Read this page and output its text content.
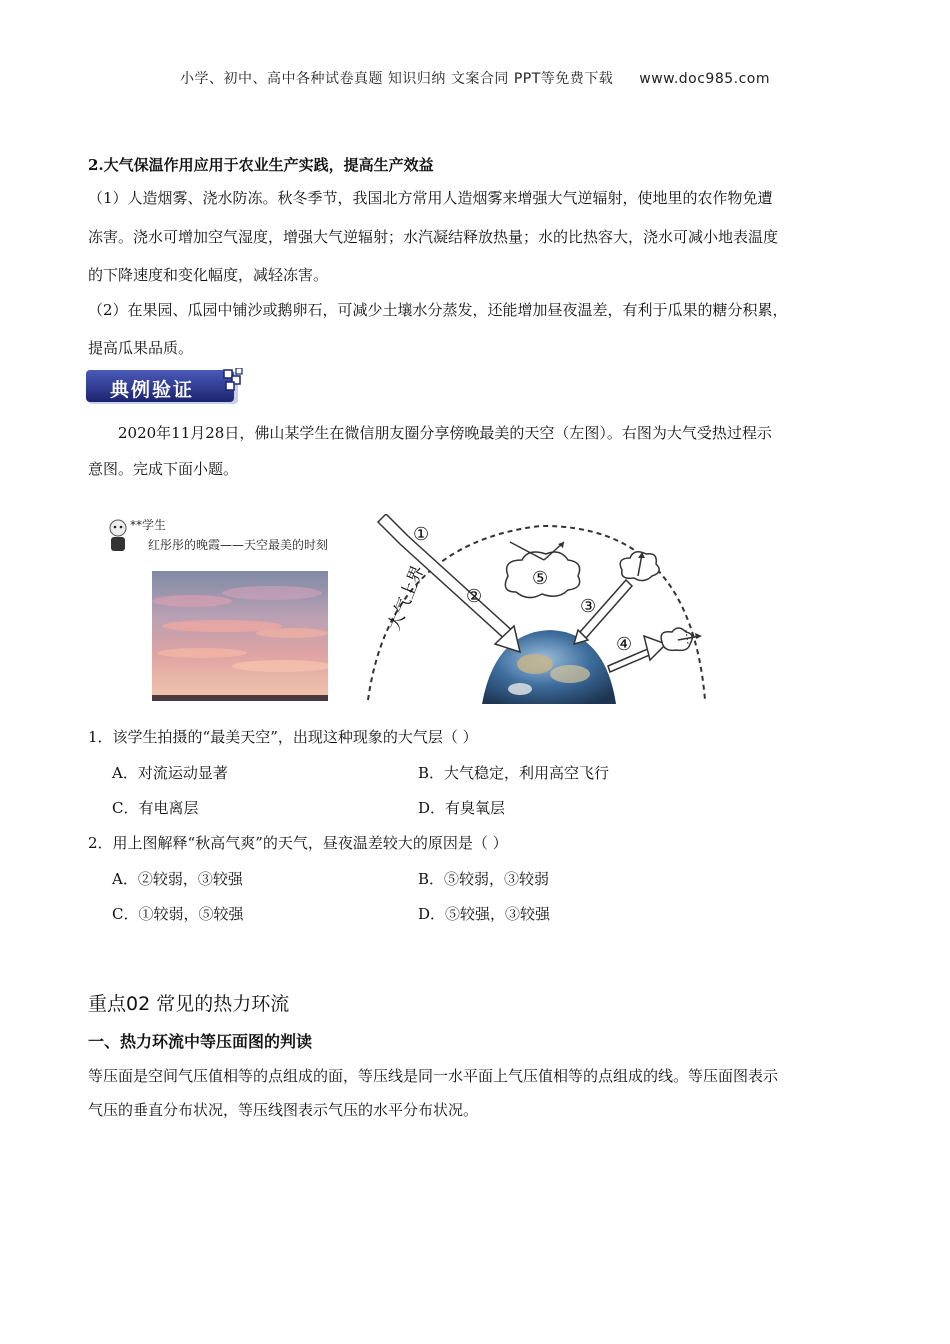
小学、初中、高中各种试卷真题 知识归纳 文案合同 PPT等免费下载 www.doc985.com
2.大气保温作用应用于农业生产实践，提高生产效益
（1）人造烟雾、浇水防冻。秋冬季节，我国北方常用人造烟雾来增强大气逆辐射，使地里的农作物免遭
冻害。浇水可增加空气湿度，增强大气逆辐射；水汽凝结释放热量；水的比热容大，浇水可减小地表温度
的下降速度和变化幅度，减轻冻害。
（2）在果园、瓜园中铺沙或鹅卵石，可减少土壤水分蒸发，还能增加昼夜温差，有利于瓜果的糖分积累，
提高瓜果品质。
典例验证
2020年11月28日，佛山某学生在微信朋友圈分享傍晚最美的天空（左图）。右图为大气受热过程示
意图。完成下面小题。
**学生
红彤彤的晚霞——天空最美的时刻	①
②	③
④
⑤
大气上界
1．该学生拍摄的“最美天空”，出现这种现象的大气层（ ）
A．对流运动显著	B．大气稳定，利用高空飞行
C．有电离层	D．有臭氧层
2．用上图解释“秋高气爽”的天气，昼夜温差较大的原因是（ ）
A．②较弱，③较强	B．⑤较弱，③较弱
C．①较弱，⑤较强	D．⑤较强，③较强
重点02 常见的热力环流
一、热力环流中等压面图的判读
等压面是空间气压值相等的点组成的面，等压线是同一水平面上气压值相等的点组成的线。等压面图表示
气压的垂直分布状况，等压线图表示气压的水平分布状况。
